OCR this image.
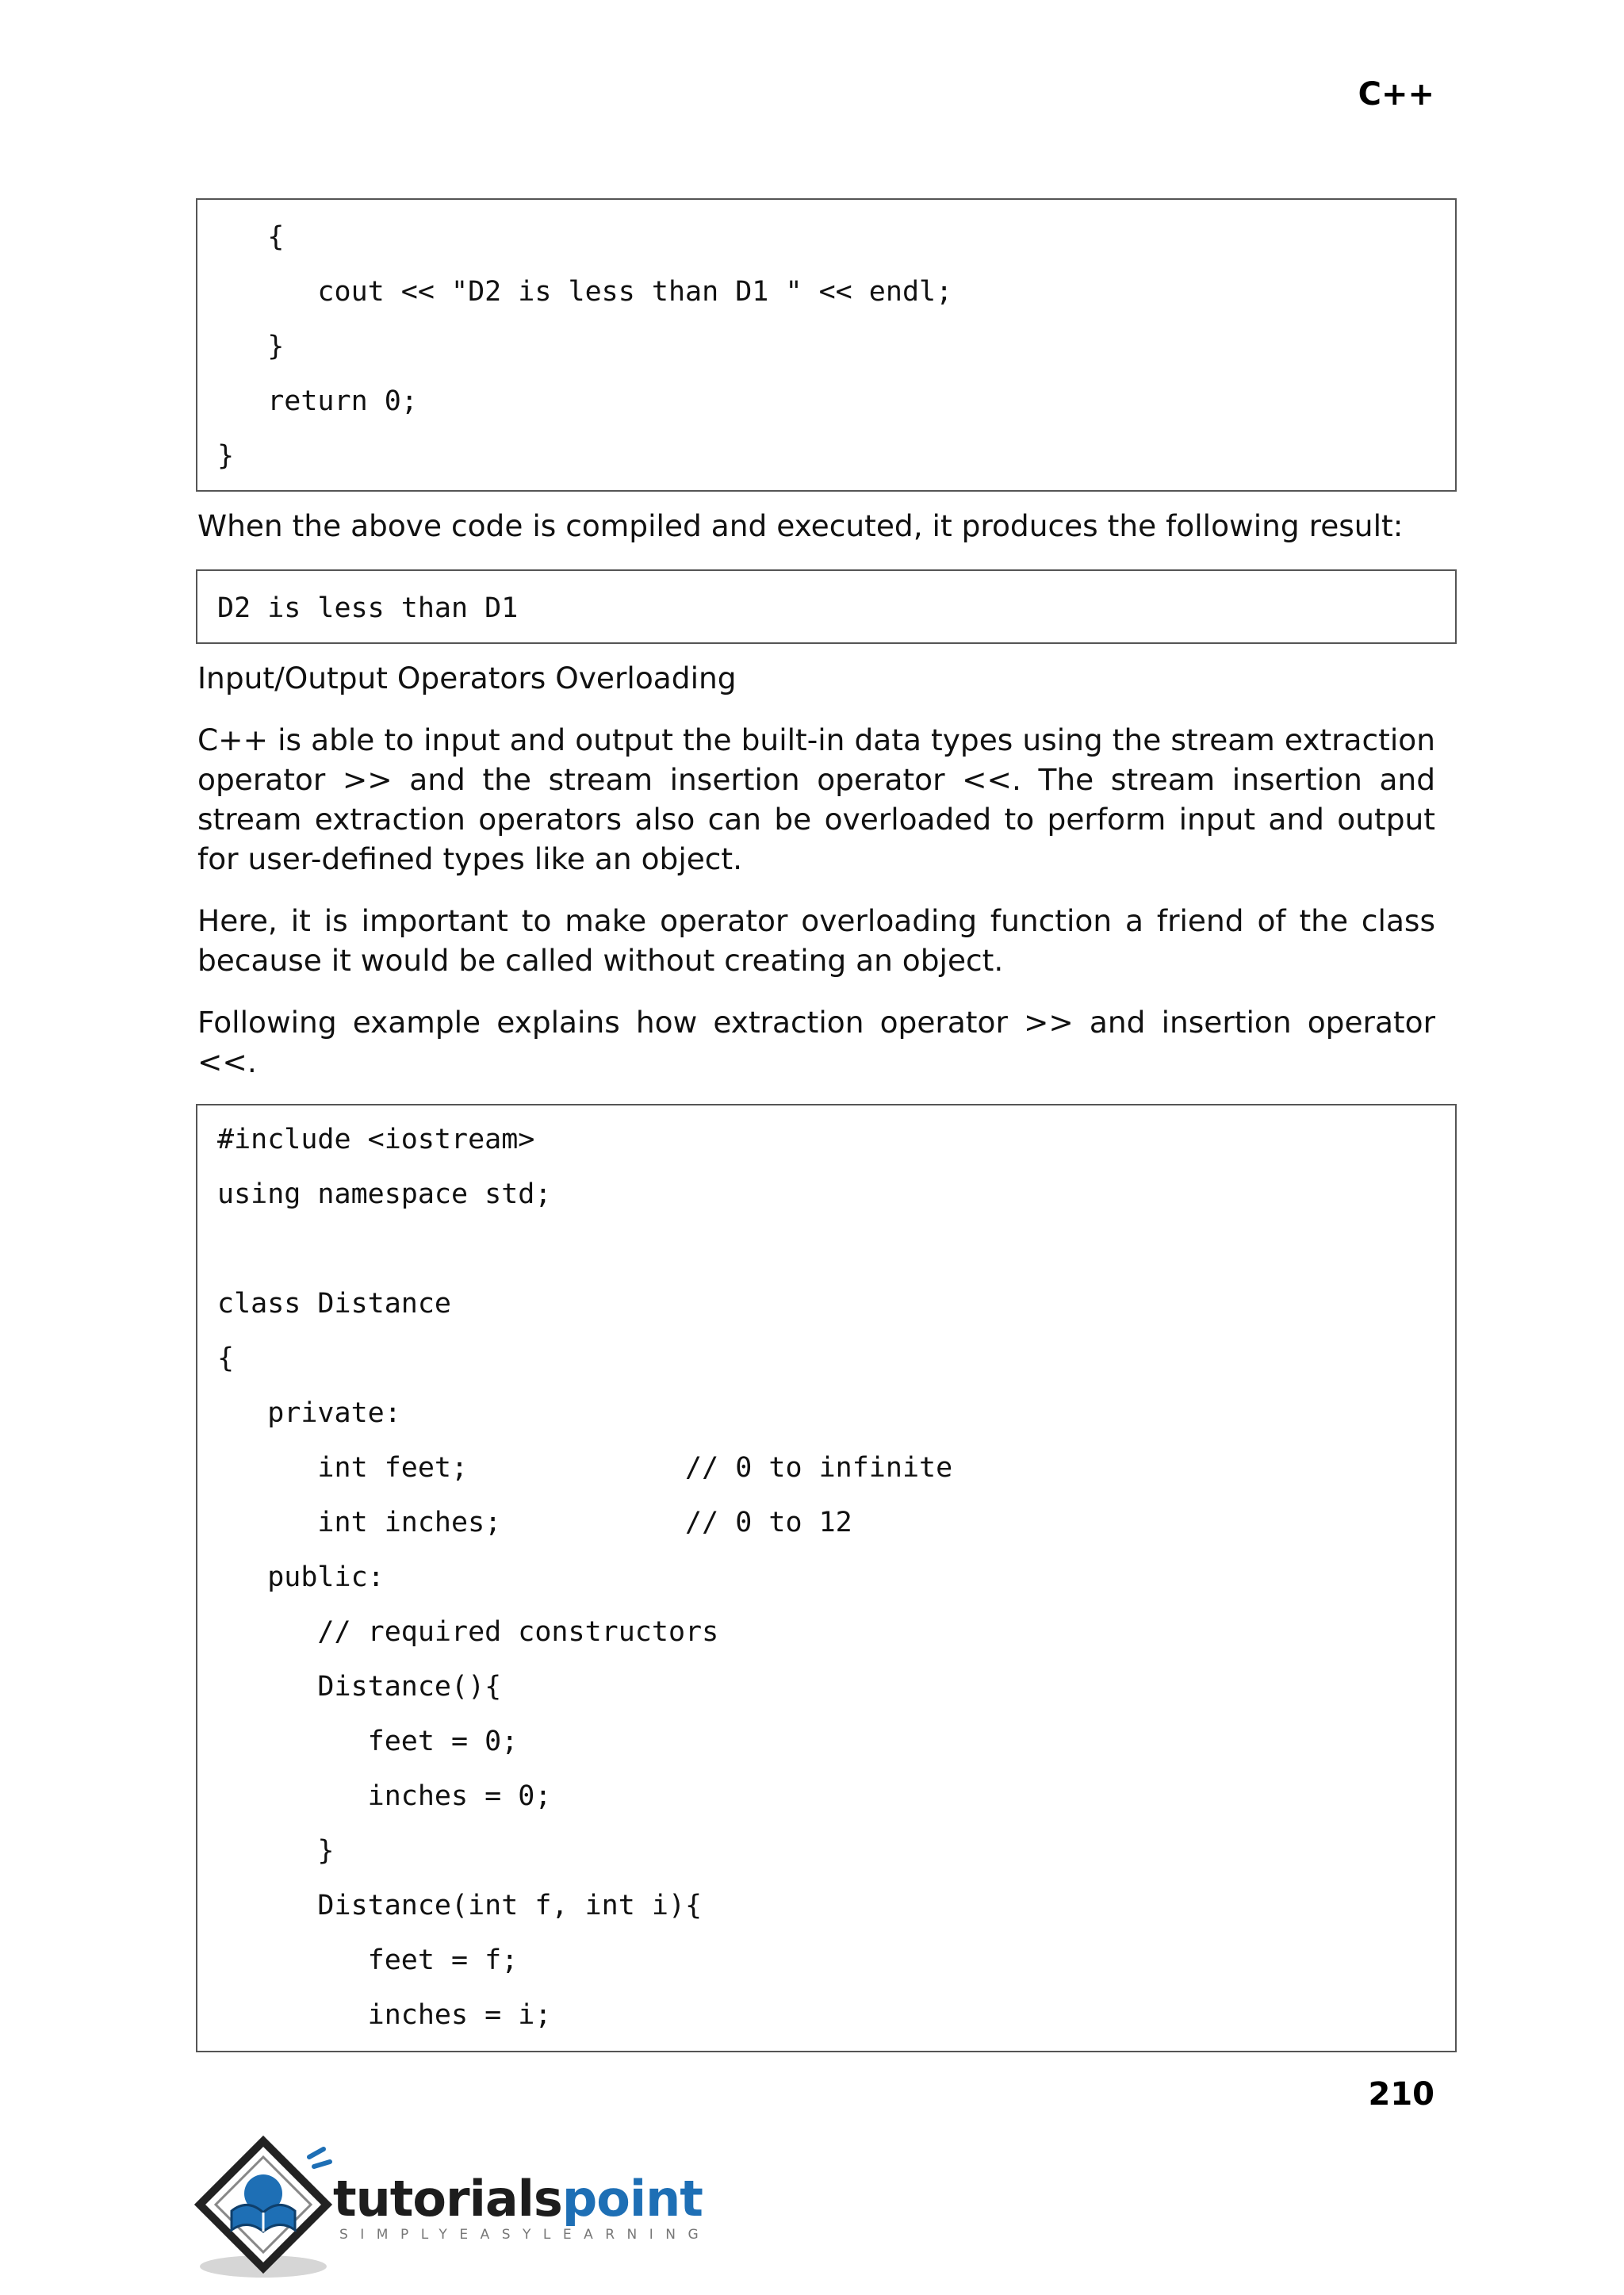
C++
{
cout << "D2 is less than D1 " << endl;
}
return 0;
}

When the above code is compiled and executed, it produces the following result:

D2 is less than D1

Input/Output Operators Overloading

C++ is able to input and output the built-in data types using the stream extraction operator >> and the stream insertion operator <<. The stream insertion and stream extraction operators also can be overloaded to perform input and output for user-defined types like an object.

Here, it is important to make operator overloading function a friend of the class because it would be called without creating an object.

Following example explains how extraction operator >> and insertion operator <<.

#include <iostream>
using namespace std;
class Distance
{
private:
int feet;             // 0 to infinite
int inches;           // 0 to 12
public:
// required constructors
Distance(){
feet = 0;
inches = 0;
}
Distance(int f, int i){
feet = f;
inches = i;
210
tutorialspoint
SIMPLYEASYLEARNING
